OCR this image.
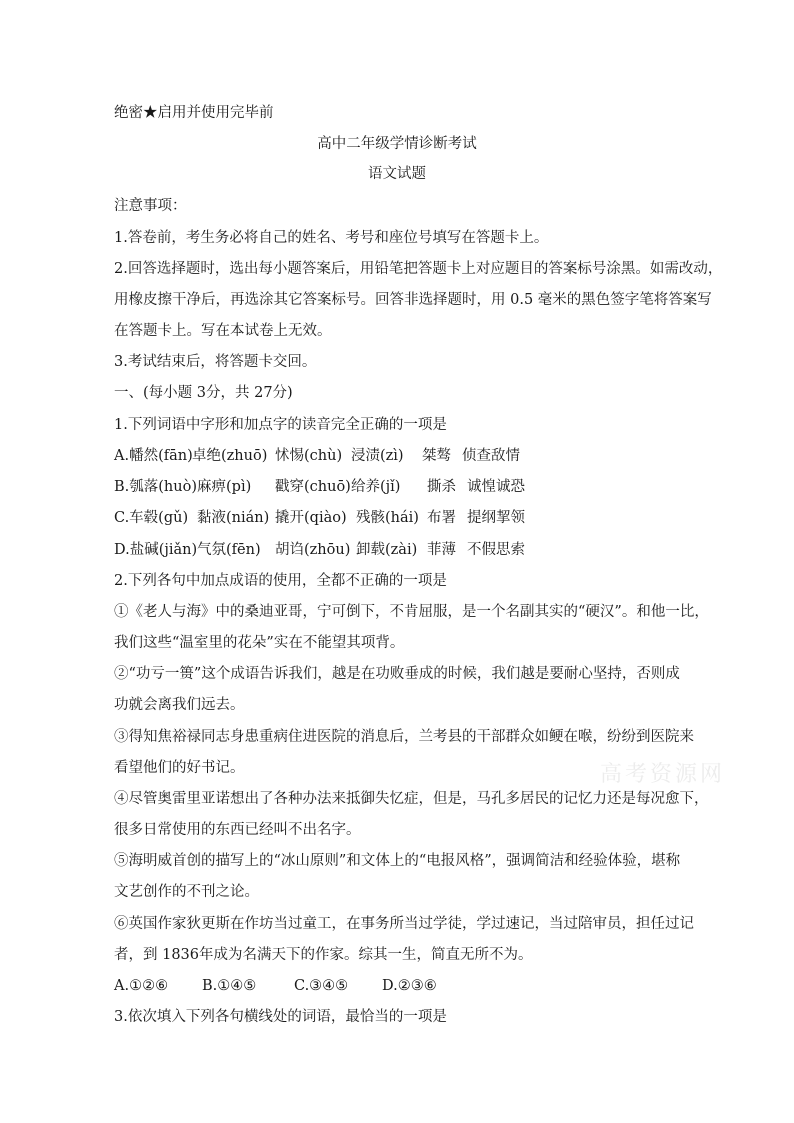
绝密★启用并使用完毕前
高中二年级学情诊断考试
语文试题
注意事项：
1.答卷前，考生务必将自己的姓名、考号和座位号填写在答题卡上。
2.回答选择题时，选出每小题答案后，用铅笔把答题卡上对应题目的答案标号涂黑。如需改动，
用橡皮擦干净后，再选涂其它答案标号。回答非选择题时，用 0.5 毫米的黑色签字笔将答案写
在答题卡上。写在本试卷上无效。
3.考试结束后，将答题卡交回。
一、(每小题 3分，共 27分)
1.下列词语中字形和加点字的读音完全正确的一项是
A.幡然(fān) 卓绝(zhuō) 怵惕(chù) 浸渍(zì) 桀骜 侦查敌情
B.瓠落(huò) 麻痹(pì) 戳穿(chuō) 给养(jǐ) 撕杀 诚惶诚恐
C.车毂(gǔ) 黏液(nián) 撬开(qiào) 残骸(hái) 布署 提纲挈领
D.盐碱(jiǎn) 气氛(fēn) 胡诌(zhōu) 卸载(zài) 菲薄 不假思索
2.下列各句中加点成语的使用，全都不正确的一项是
①《老人与海》中的桑迪亚哥，宁可倒下，不肯屈服，是一个名副其实的“硬汉”。和他一比，
我们这些“温室里的花朵”实在不能望其项背。
②“功亏一篑”这个成语告诉我们，越是在功败垂成的时候，我们越是要耐心坚持，否则成
功就会离我们远去。
③得知焦裕禄同志身患重病住进医院的消息后，兰考县的干部群众如鲠在喉，纷纷到医院来
看望他们的好书记。
④尽管奥雷里亚诺想出了各种办法来抵御失忆症，但是，马孔多居民的记忆力还是每况愈下，
很多日常使用的东西已经叫不出名字。
⑤海明威首创的描写上的“冰山原则”和文体上的“电报风格”，强调简洁和经验体验，堪称
文艺创作的不刊之论。
⑥英国作家狄更斯在作坊当过童工，在事务所当过学徒，学过速记，当过陪审员，担任过记
者，到 1836年成为名满天下的作家。综其一生，简直无所不为。
A.①②⑥ B.①④⑤	C.③④⑤ D.②③⑥
3.依次填入下列各句横线处的词语，最恰当的一项是
高考资源网
